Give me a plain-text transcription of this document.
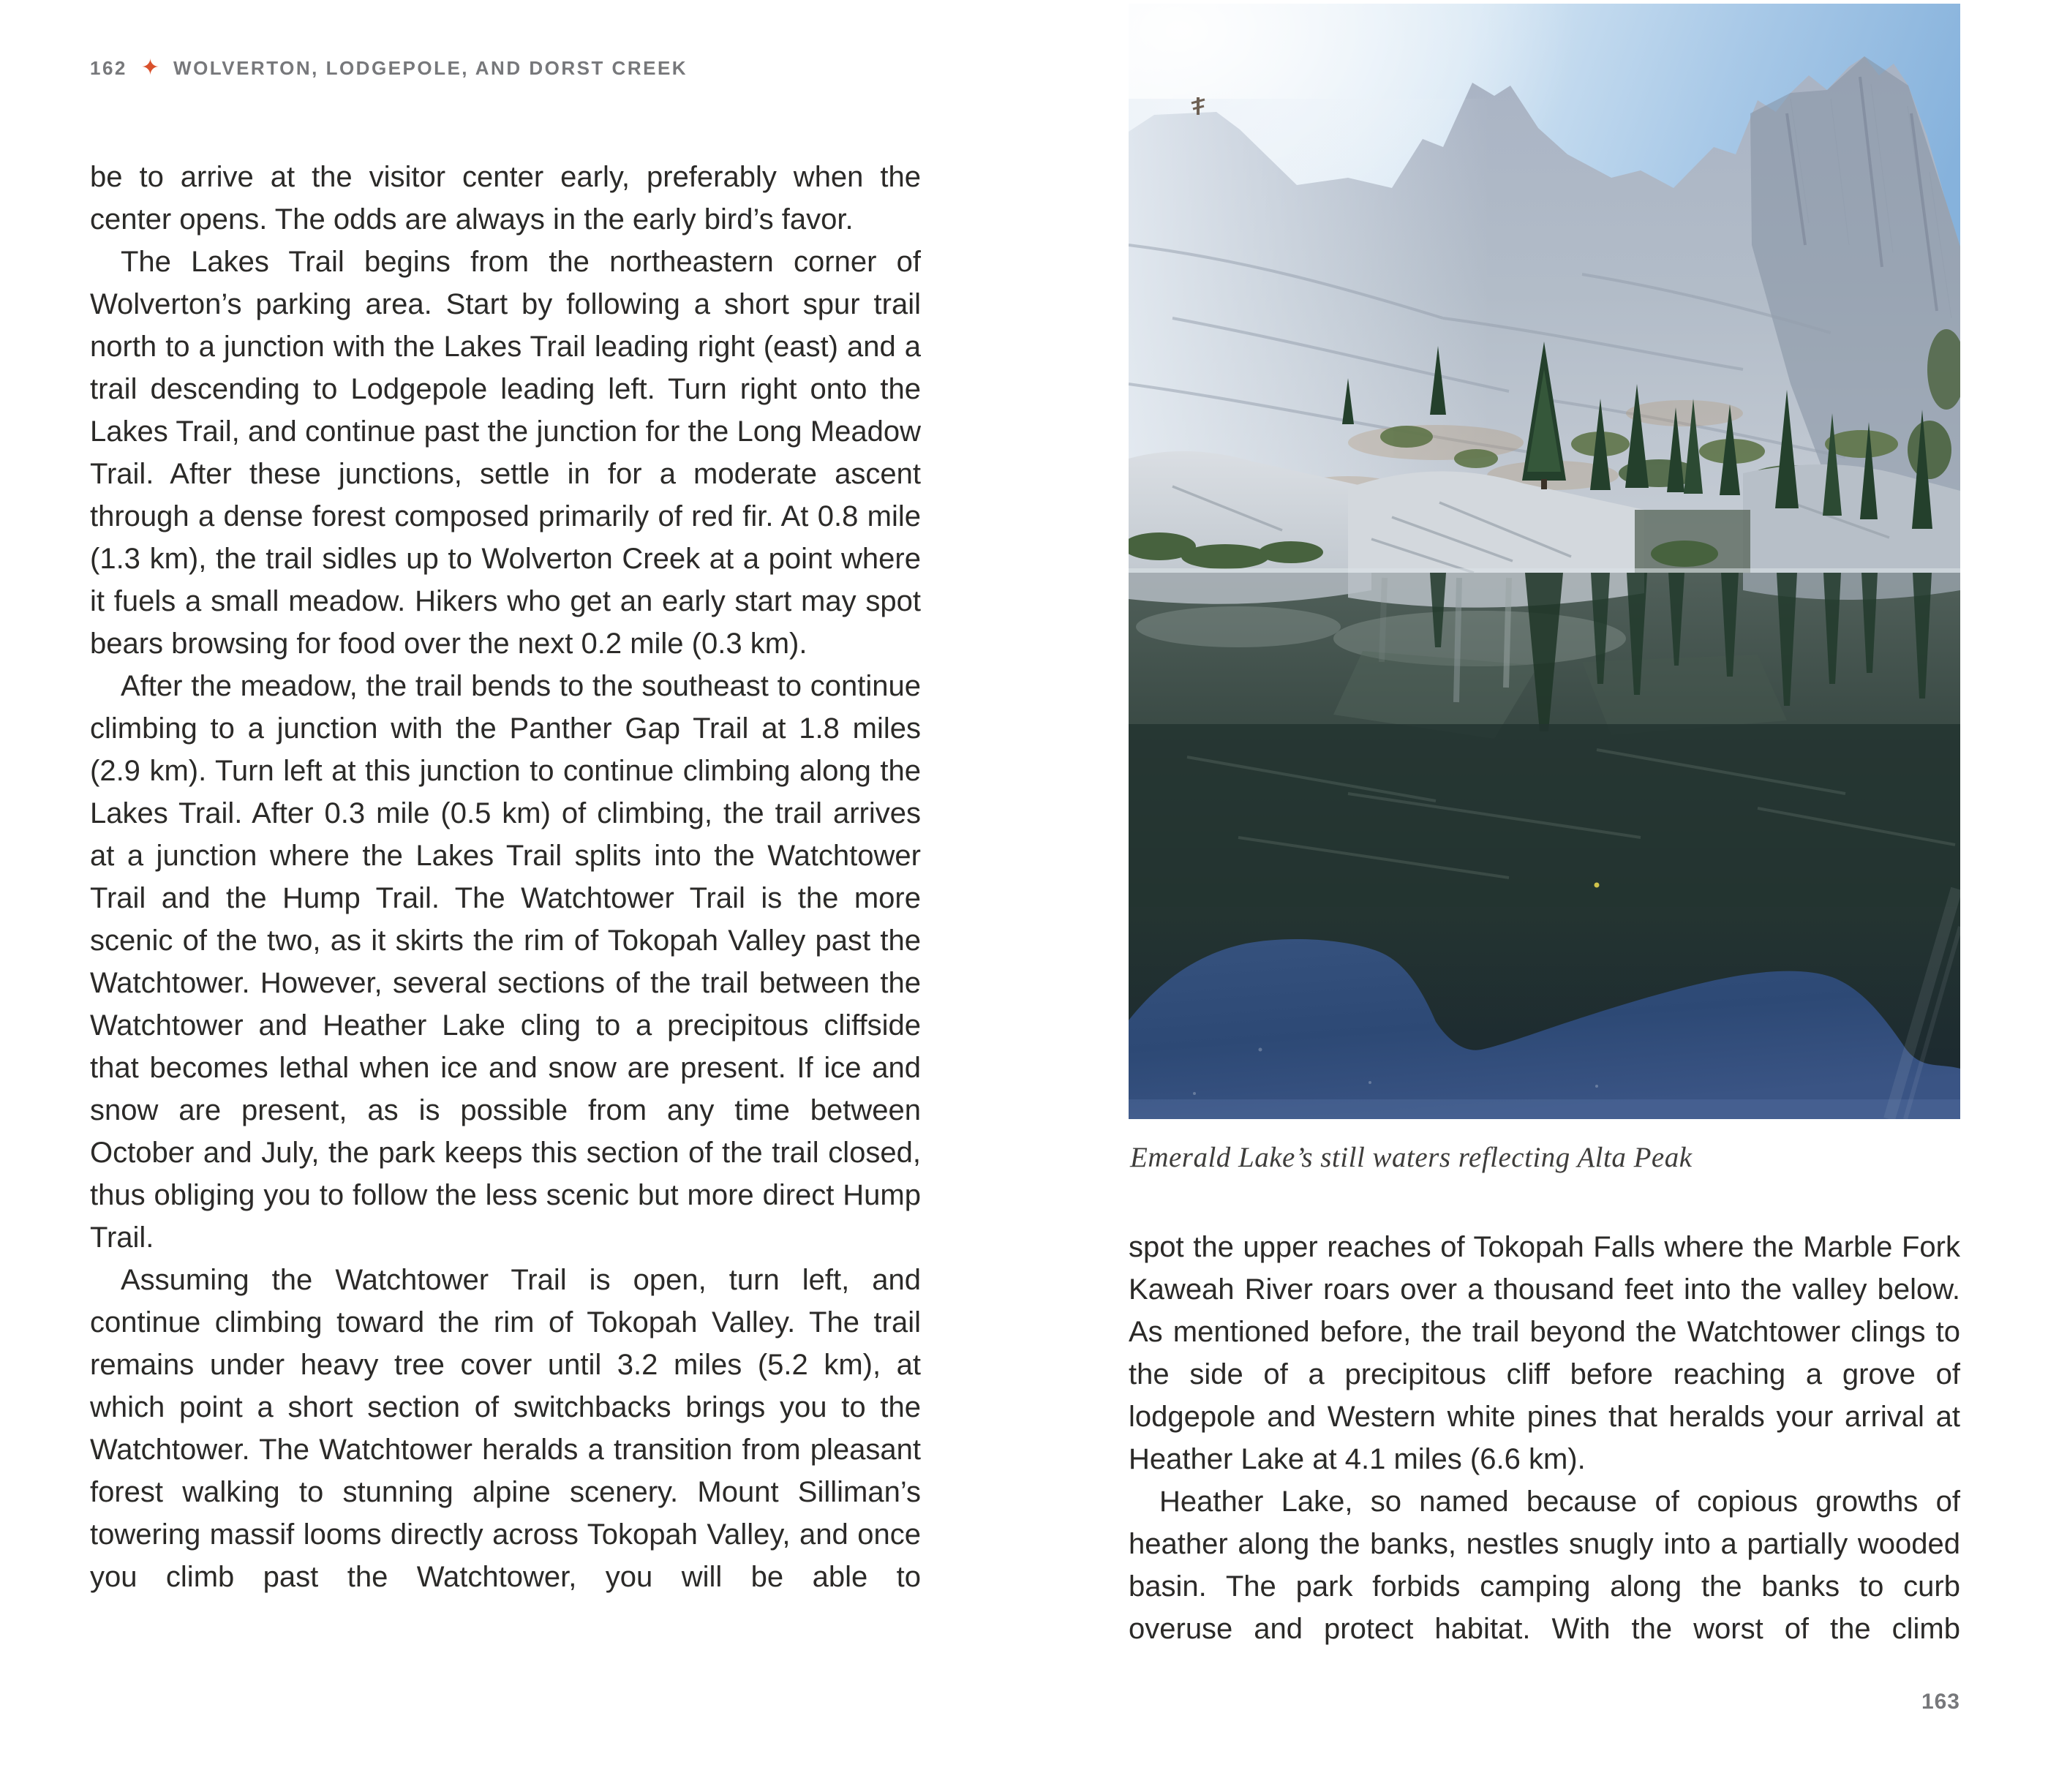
162 ✦ WOLVERTON, LODGEPOLE, AND DORST CREEK

be to arrive at the visitor center early, preferably when the center opens. The odds are always in the early bird’s favor.

The Lakes Trail begins from the northeastern corner of Wolverton’s parking area. Start by following a short spur trail north to a junction with the Lakes Trail leading right (east) and a trail descending to Lodgepole leading left. Turn right onto the Lakes Trail, and continue past the junction for the Long Meadow Trail. After these junctions, settle in for a moderate ascent through a dense forest composed primarily of red fir. At 0.8 mile (1.3 km), the trail sidles up to Wolverton Creek at a point where it fuels a small meadow. Hikers who get an early start may spot bears browsing for food over the next 0.2 mile (0.3 km).

After the meadow, the trail bends to the southeast to continue climbing to a junction with the Panther Gap Trail at 1.8 miles (2.9 km). Turn left at this junction to continue climbing along the Lakes Trail. After 0.3 mile (0.5 km) of climbing, the trail arrives at a junction where the Lakes Trail splits into the Watchtower Trail and the Hump Trail. The Watchtower Trail is the more scenic of the two, as it skirts the rim of Tokopah Valley past the Watchtower. However, several sections of the trail between the Watchtower and Heather Lake cling to a precipitous cliffside that becomes lethal when ice and snow are present. If ice and snow are present, as is possible from any time between October and July, the park keeps this section of the trail closed, thus obliging you to follow the less scenic but more direct Hump Trail.

Assuming the Watchtower Trail is open, turn left, and continue climbing toward the rim of Tokopah Valley. The trail remains under heavy tree cover until 3.2 miles (5.2 km), at which point a short section of switchbacks brings you to the Watchtower. The Watchtower heralds a transition from pleasant forest walking to stunning alpine scenery. Mount Silliman’s towering massif looms directly across Tokopah Valley, and once you climb past the Watchtower, you will be able to

Emerald Lake’s still waters reflecting Alta Peak

spot the upper reaches of Tokopah Falls where the Marble Fork Kaweah River roars over a thousand feet into the valley below. As mentioned before, the trail beyond the Watchtower clings to the side of a precipitous cliff before reaching a grove of lodgepole and Western white pines that heralds your arrival at Heather Lake at 4.1 miles (6.6 km).

Heather Lake, so named because of copious growths of heather along the banks, nestles snugly into a partially wooded basin. The park forbids camping along the banks to curb overuse and protect habitat. With the worst of the climb

163
